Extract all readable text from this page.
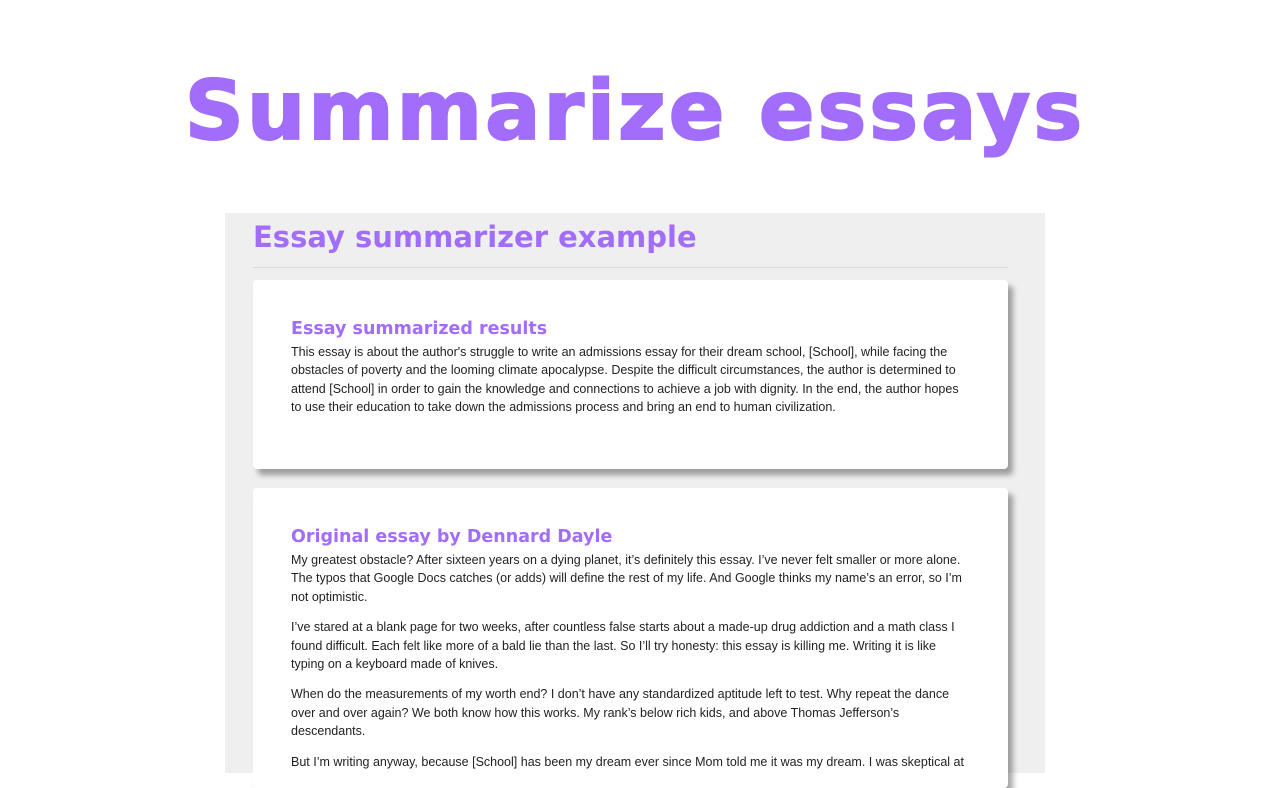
Summarize essays
Essay summarizer example
Essay summarized results

This essay is about the author's struggle to write an admissions essay for their dream school, [School], while facing the obstacles of poverty and the looming climate apocalypse. Despite the difficult circumstances, the author is determined to attend [School] in order to gain the knowledge and connections to achieve a job with dignity. In the end, the author hopes to use their education to take down the admissions process and bring an end to human civilization.

Original essay by Dennard Dayle

My greatest obstacle? After sixteen years on a dying planet, it’s definitely this essay. I’ve never felt smaller or more alone. The typos that Google Docs catches (or adds) will define the rest of my life. And Google thinks my name’s an error, so I’m not optimistic.

I’ve stared at a blank page for two weeks, after countless false starts about a made-up drug addiction and a math class I found difficult. Each felt like more of a bald lie than the last. So I’ll try honesty: this essay is killing me. Writing it is like typing on a keyboard made of knives.

When do the measurements of my worth end? I don’t have any standardized aptitude left to test. Why repeat the dance over and over again? We both know how this works. My rank’s below rich kids, and above Thomas Jefferson’s descendants.

But I’m writing anyway, because [School] has been my dream ever since Mom told me it was my dream. I was skeptical at
